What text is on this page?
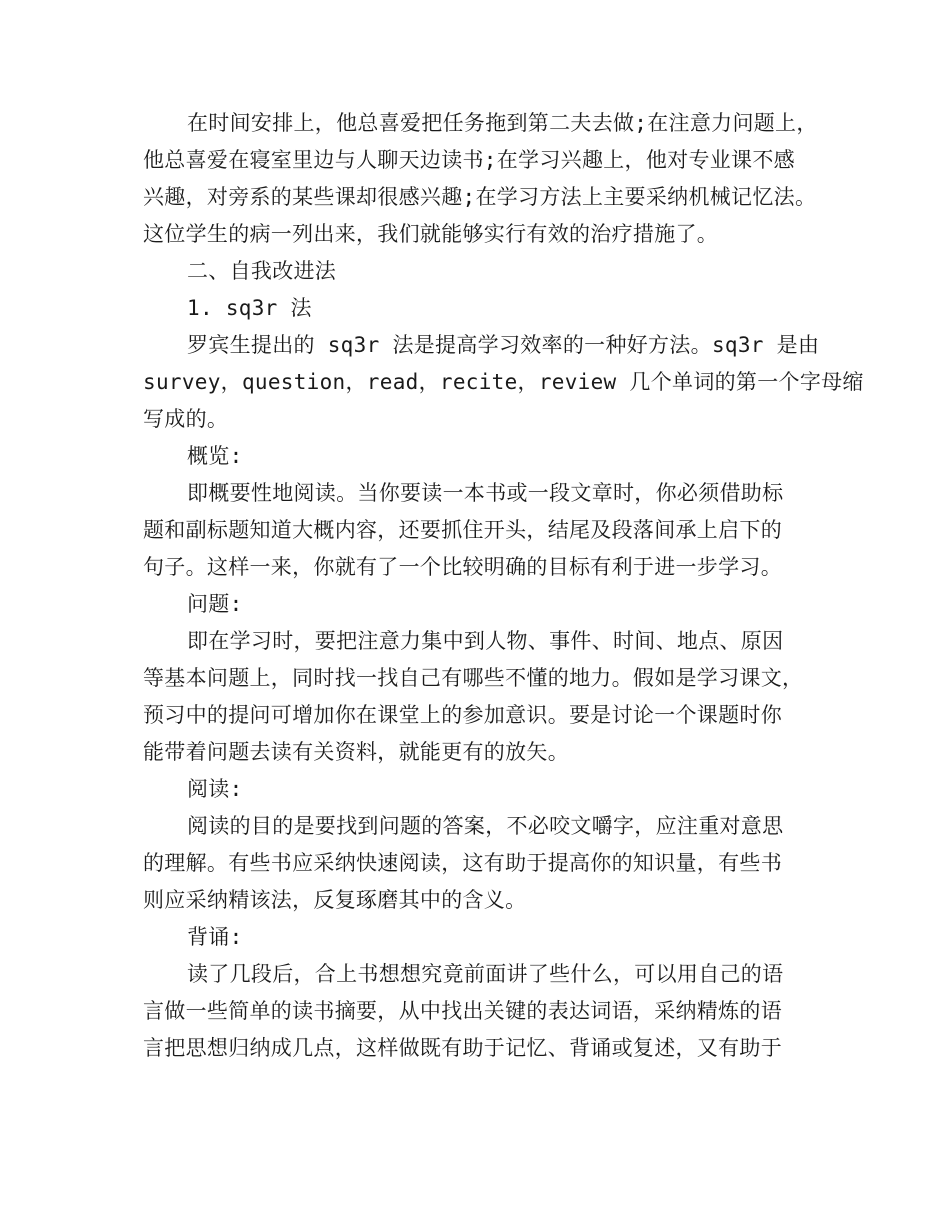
在时间安排上，他总喜爱把任务拖到第二夫去做;在注意力问题上，
他总喜爱在寝室里边与人聊天边读书;在学习兴趣上，他对专业课不感
兴趣，对旁系的某些课却很感兴趣;在学习方法上主要采纳机械记忆法。
这位学生的病一列出来，我们就能够实行有效的治疗措施了。
二、自我改进法
1. sq3r 法
罗宾生提出的 sq3r 法是提高学习效率的一种好方法。sq3r 是由
survey，question，read，recite，review 几个单词的第一个字母缩
写成的。
概览:
即概要性地阅读。当你要读一本书或一段文章时，你必须借助标
题和副标题知道大概内容，还要抓住开头，结尾及段落间承上启下的
句子。这样一来，你就有了一个比较明确的目标有利于进一步学习。
问题:
即在学习时，要把注意力集中到人物、事件、时间、地点、原因
等基本问题上，同时找一找自己有哪些不懂的地力。假如是学习课文，
预习中的提问可增加你在课堂上的参加意识。要是讨论一个课题时你
能带着问题去读有关资料，就能更有的放矢。
阅读:
阅读的目的是要找到问题的答案，不必咬文嚼字，应注重对意思
的理解。有些书应采纳快速阅读，这有助于提高你的知识量，有些书
则应采纳精该法，反复琢磨其中的含义。
背诵:
读了几段后，合上书想想究竟前面讲了些什么，可以用自己的语
言做一些简单的读书摘要，从中找出关键的表达词语，采纳精炼的语
言把思想归纳成几点，这样做既有助于记忆、背诵或复述，又有助于
